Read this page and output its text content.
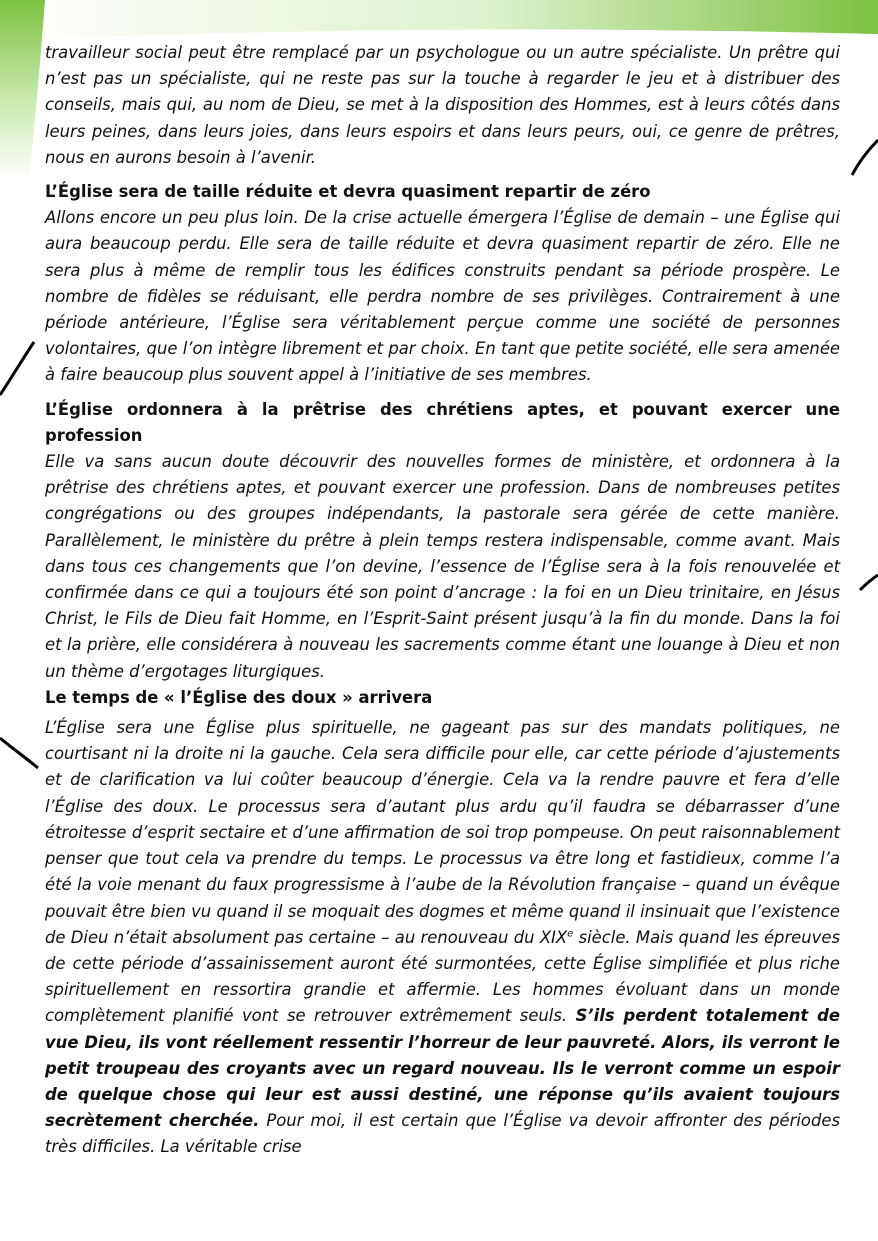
travailleur social peut être remplacé par un psychologue ou un autre spécialiste. Un prêtre qui n’est pas un spécialiste, qui ne reste pas sur la touche à regarder le jeu et à distribuer des conseils, mais qui, au nom de Dieu, se met à la disposition des Hommes, est à leurs côtés dans leurs peines, dans leurs joies, dans leurs espoirs et dans leurs peurs, oui, ce genre de prêtres, nous en aurons besoin à l’avenir.

L’Église sera de taille réduite et devra quasiment repartir de zéro

Allons encore un peu plus loin. De la crise actuelle émergera l’Église de demain – une Église qui aura beaucoup perdu. Elle sera de taille réduite et devra quasiment repartir de zéro. Elle ne sera plus à même de remplir tous les édifices construits pendant sa période prospère. Le nombre de fidèles se réduisant, elle perdra nombre de ses privilèges. Contrairement à une période antérieure, l’Église sera véritablement perçue comme une société de personnes volontaires, que l’on intègre librement et par choix. En tant que petite société, elle sera amenée à faire beaucoup plus souvent appel à l’initiative de ses membres.

L’Église ordonnera à la prêtrise des chrétiens aptes, et pouvant exercer une profession

Elle va sans aucun doute découvrir des nouvelles formes de ministère, et ordonnera à la prêtrise des chrétiens aptes, et pouvant exercer une profession. Dans de nombreuses petites congrégations ou des groupes indépendants, la pastorale sera gérée de cette manière. Parallèlement, le ministère du prêtre à plein temps restera indispensable, comme avant. Mais dans tous ces changements que l’on devine, l’essence de l’Église sera à la fois renouvelée et confirmée dans ce qui a toujours été son point d’ancrage : la foi en un Dieu trinitaire, en Jésus Christ, le Fils de Dieu fait Homme, en l’Esprit-Saint présent jusqu’à la fin du monde. Dans la foi et la prière, elle considérera à nouveau les sacrements comme étant une louange à Dieu et non un thème d’ergotages liturgiques.

Le temps de « l’Église des doux » arrivera

L’Église sera une Église plus spirituelle, ne gageant pas sur des mandats politiques, ne courtisant ni la droite ni la gauche. Cela sera difficile pour elle, car cette période d’ajustements et de clarification va lui coûter beaucoup d’énergie. Cela va la rendre pauvre et fera d’elle l’Église des doux. Le processus sera d’autant plus ardu qu’il faudra se débarrasser d’une étroitesse d’esprit sectaire et d’une affirmation de soi trop pompeuse. On peut raisonnablement penser que tout cela va prendre du temps. Le processus va être long et fastidieux, comme l’a été la voie menant du faux progressisme à l’aube de la Révolution française – quand un évêque pouvait être bien vu quand il se moquait des dogmes et même quand il insinuait que l’existence de Dieu n’était absolument pas certaine – au renouveau du XIXe siècle. Mais quand les épreuves de cette période d’assainissement auront été surmontées, cette Église simplifiée et plus riche spirituellement en ressortira grandie et affermie. Les hommes évoluant dans un monde complètement planifié vont se retrouver extrêmement seuls. S’ils perdent totalement de vue Dieu, ils vont réellement ressentir l’horreur de leur pauvreté. Alors, ils verront le petit troupeau des croyants avec un regard nouveau. Ils le verront comme un espoir de quelque chose qui leur est aussi destiné, une réponse qu’ils avaient toujours secrètement cherchée. Pour moi, il est certain que l’Église va devoir affronter des périodes très difficiles. La véritable crise
